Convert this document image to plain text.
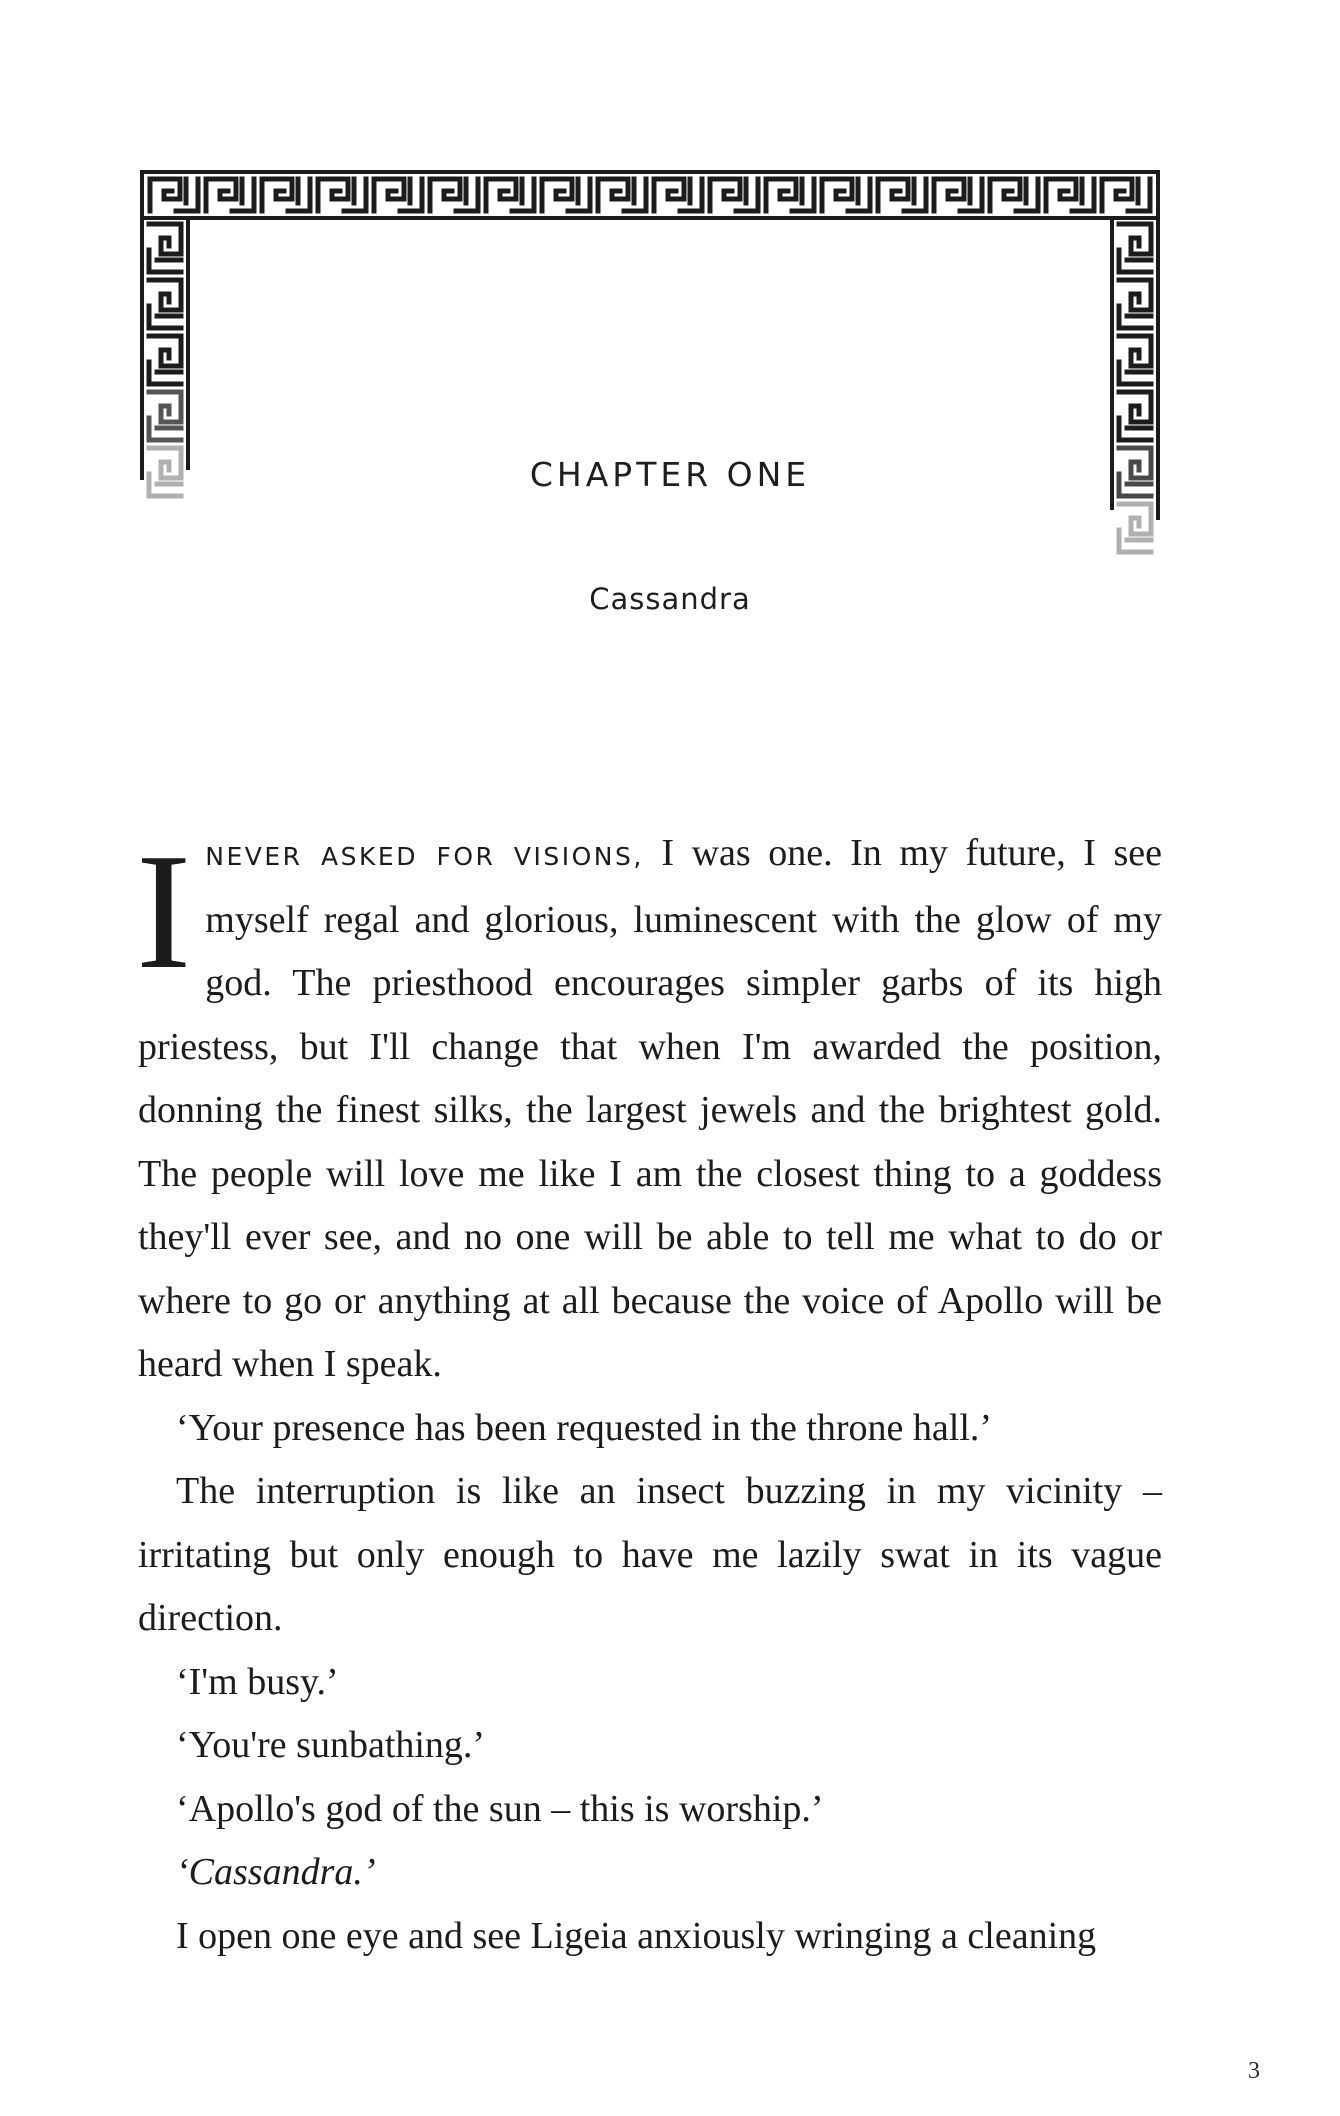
CHAPTER ONE
Cassandra

INEVER ASKED FOR VISIONS, I was one. In my future, I see myself regal and glorious, luminescent with the glow of my god. The priesthood encourages simpler garbs of its high priestess, but I'll change that when I'm awarded the position, donning the finest silks, the largest jewels and the brightest gold. The people will love me like I am the closest thing to a goddess they'll ever see, and no one will be able to tell me what to do or where to go or anything at all because the voice of Apollo will be heard when I speak.

‘Your presence has been requested in the throne hall.’

The interruption is like an insect buzzing in my vicinity – irritating but only enough to have me lazily swat in its vague direction.

‘I'm busy.’

‘You're sunbathing.’

‘Apollo's god of the sun – this is worship.’

‘Cassandra.’

I open one eye and see Ligeia anxiously wringing a cleaning

3
